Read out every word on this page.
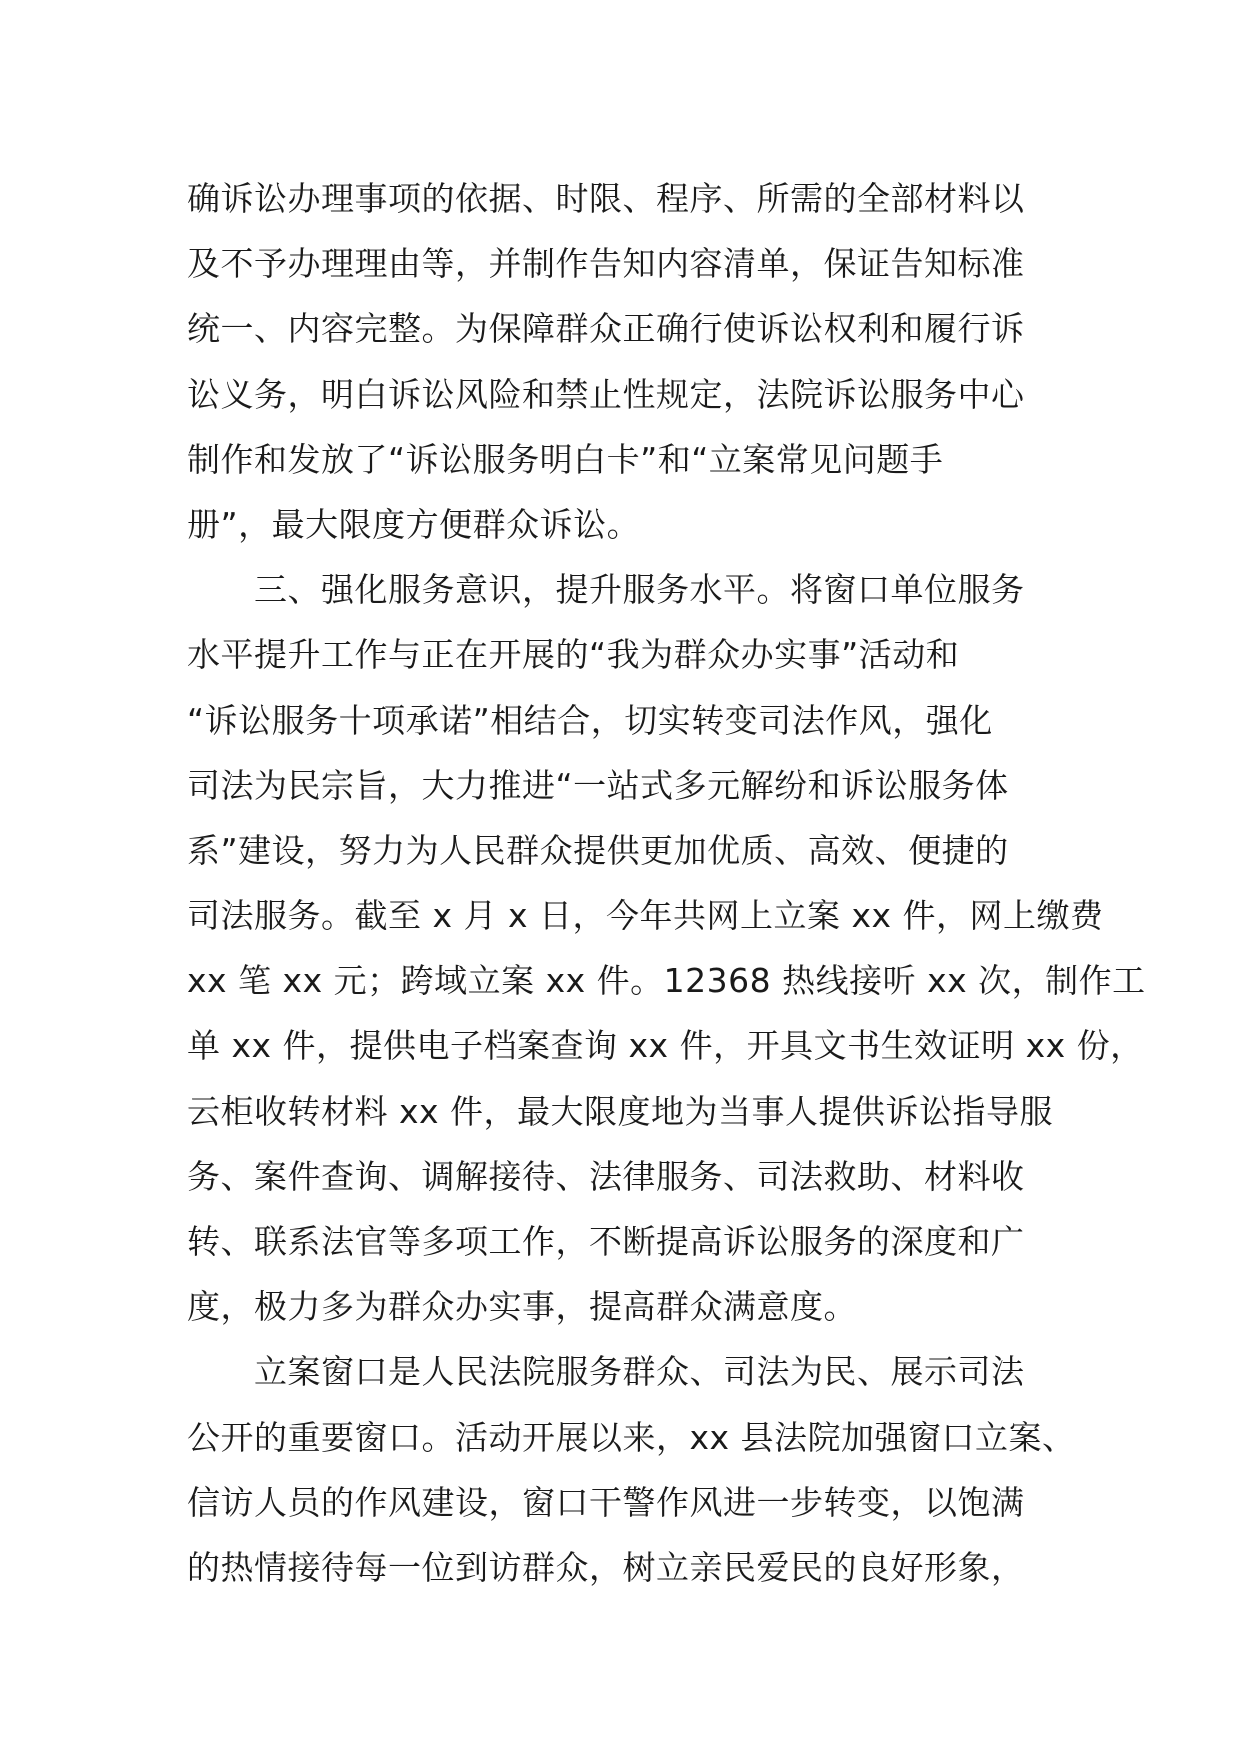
确诉讼办理事项的依据、时限、程序、所需的全部材料以
及不予办理理由等，并制作告知内容清单，保证告知标准
统一、内容完整。为保障群众正确行使诉讼权利和履行诉
讼义务，明白诉讼风险和禁止性规定，法院诉讼服务中心
制作和发放了“诉讼服务明白卡”和“立案常见问题手
册”，最大限度方便群众诉讼。
三、强化服务意识，提升服务水平。将窗口单位服务
水平提升工作与正在开展的“我为群众办实事”活动和
“诉讼服务十项承诺”相结合，切实转变司法作风，强化
司法为民宗旨，大力推进“一站式多元解纷和诉讼服务体
系”建设，努力为人民群众提供更加优质、高效、便捷的
司法服务。截至 x 月 x 日，今年共网上立案 xx 件，网上缴费
xx 笔 xx 元；跨域立案 xx 件。12368 热线接听 xx 次，制作工
单 xx 件，提供电子档案查询 xx 件，开具文书生效证明 xx 份，
云柜收转材料 xx 件，最大限度地为当事人提供诉讼指导服
务、案件查询、调解接待、法律服务、司法救助、材料收
转、联系法官等多项工作，不断提高诉讼服务的深度和广
度，极力多为群众办实事，提高群众满意度。
立案窗口是人民法院服务群众、司法为民、展示司法
公开的重要窗口。活动开展以来，xx 县法院加强窗口立案、
信访人员的作风建设，窗口干警作风进一步转变，以饱满
的热情接待每一位到访群众，树立亲民爱民的良好形象，
